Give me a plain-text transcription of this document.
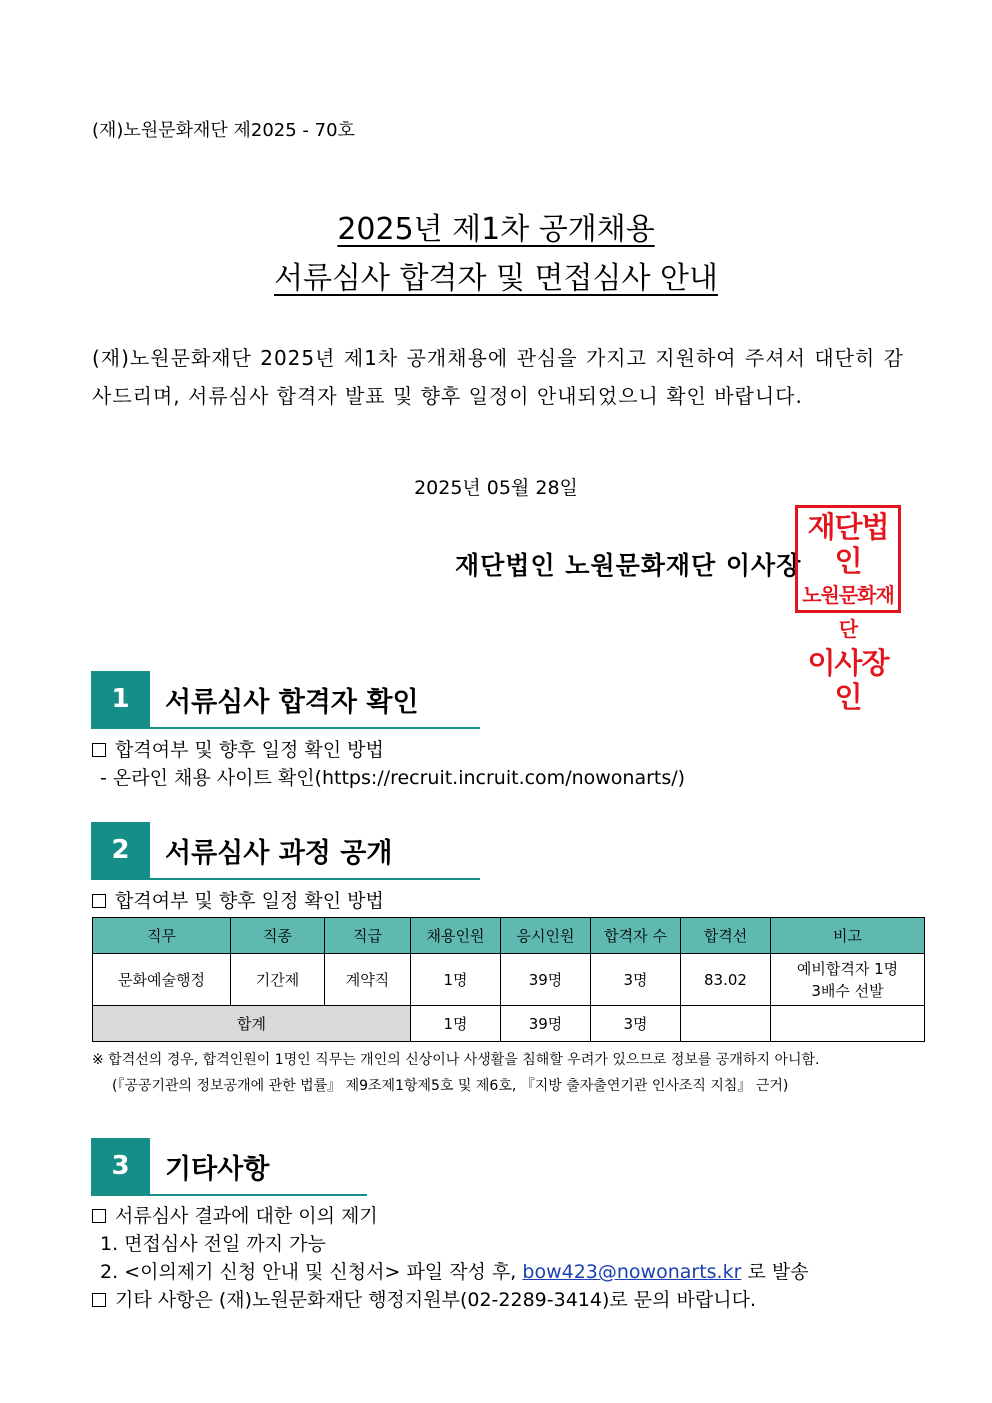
(재)노원문화재단 제2025 - 70호
2025년 제1차 공개채용
서류심사 합격자 및 면접심사 안내

(재)노원문화재단 2025년 제1차 공개채용에 관심을 가지고 지원하여 주셔서 대단히 감사드리며, 서류심사 합격자 발표 및 향후 일정이 안내되었으니 확인 바랍니다.

2025년 05월 28일
재단법인 노원문화재단 이사장
재단법인
노원문화재단
이사장인
1	서류심사 합격자 확인
합격여부 및 향후 일정 확인 방법
- 온라인 채용 사이트 확인(https://recruit.incruit.com/nowonarts/)
2	서류심사 과정 공개
합격여부 및 향후 일정 확인 방법
직무	직종	직급	채용인원	응시인원	합격자 수	합격선	비고
문화예술행정	기간제	계약직	1명	39명	3명	83.02	예비합격자 1명
3배수 선발

합계			1명	39명	3명		
※ 합격선의 경우, 합격인원이 1명인 직무는 개인의 신상이나 사생활을 침해할 우려가 있으므로 정보를 공개하지 아니함.
(『공공기관의 정보공개에 관한 법률』 제9조제1항제5호 및 제6호, 『지방 출자출연기관 인사조직 지침』 근거)
3	기타사항
서류심사 결과에 대한 이의 제기
1. 면접심사 전일 까지 가능
2. <이의제기 신청 안내 및 신청서> 파일 작성 후, bow423@nowonarts.kr 로 발송
기타 사항은 (재)노원문화재단 행정지원부(02-2289-3414)로 문의 바랍니다.
